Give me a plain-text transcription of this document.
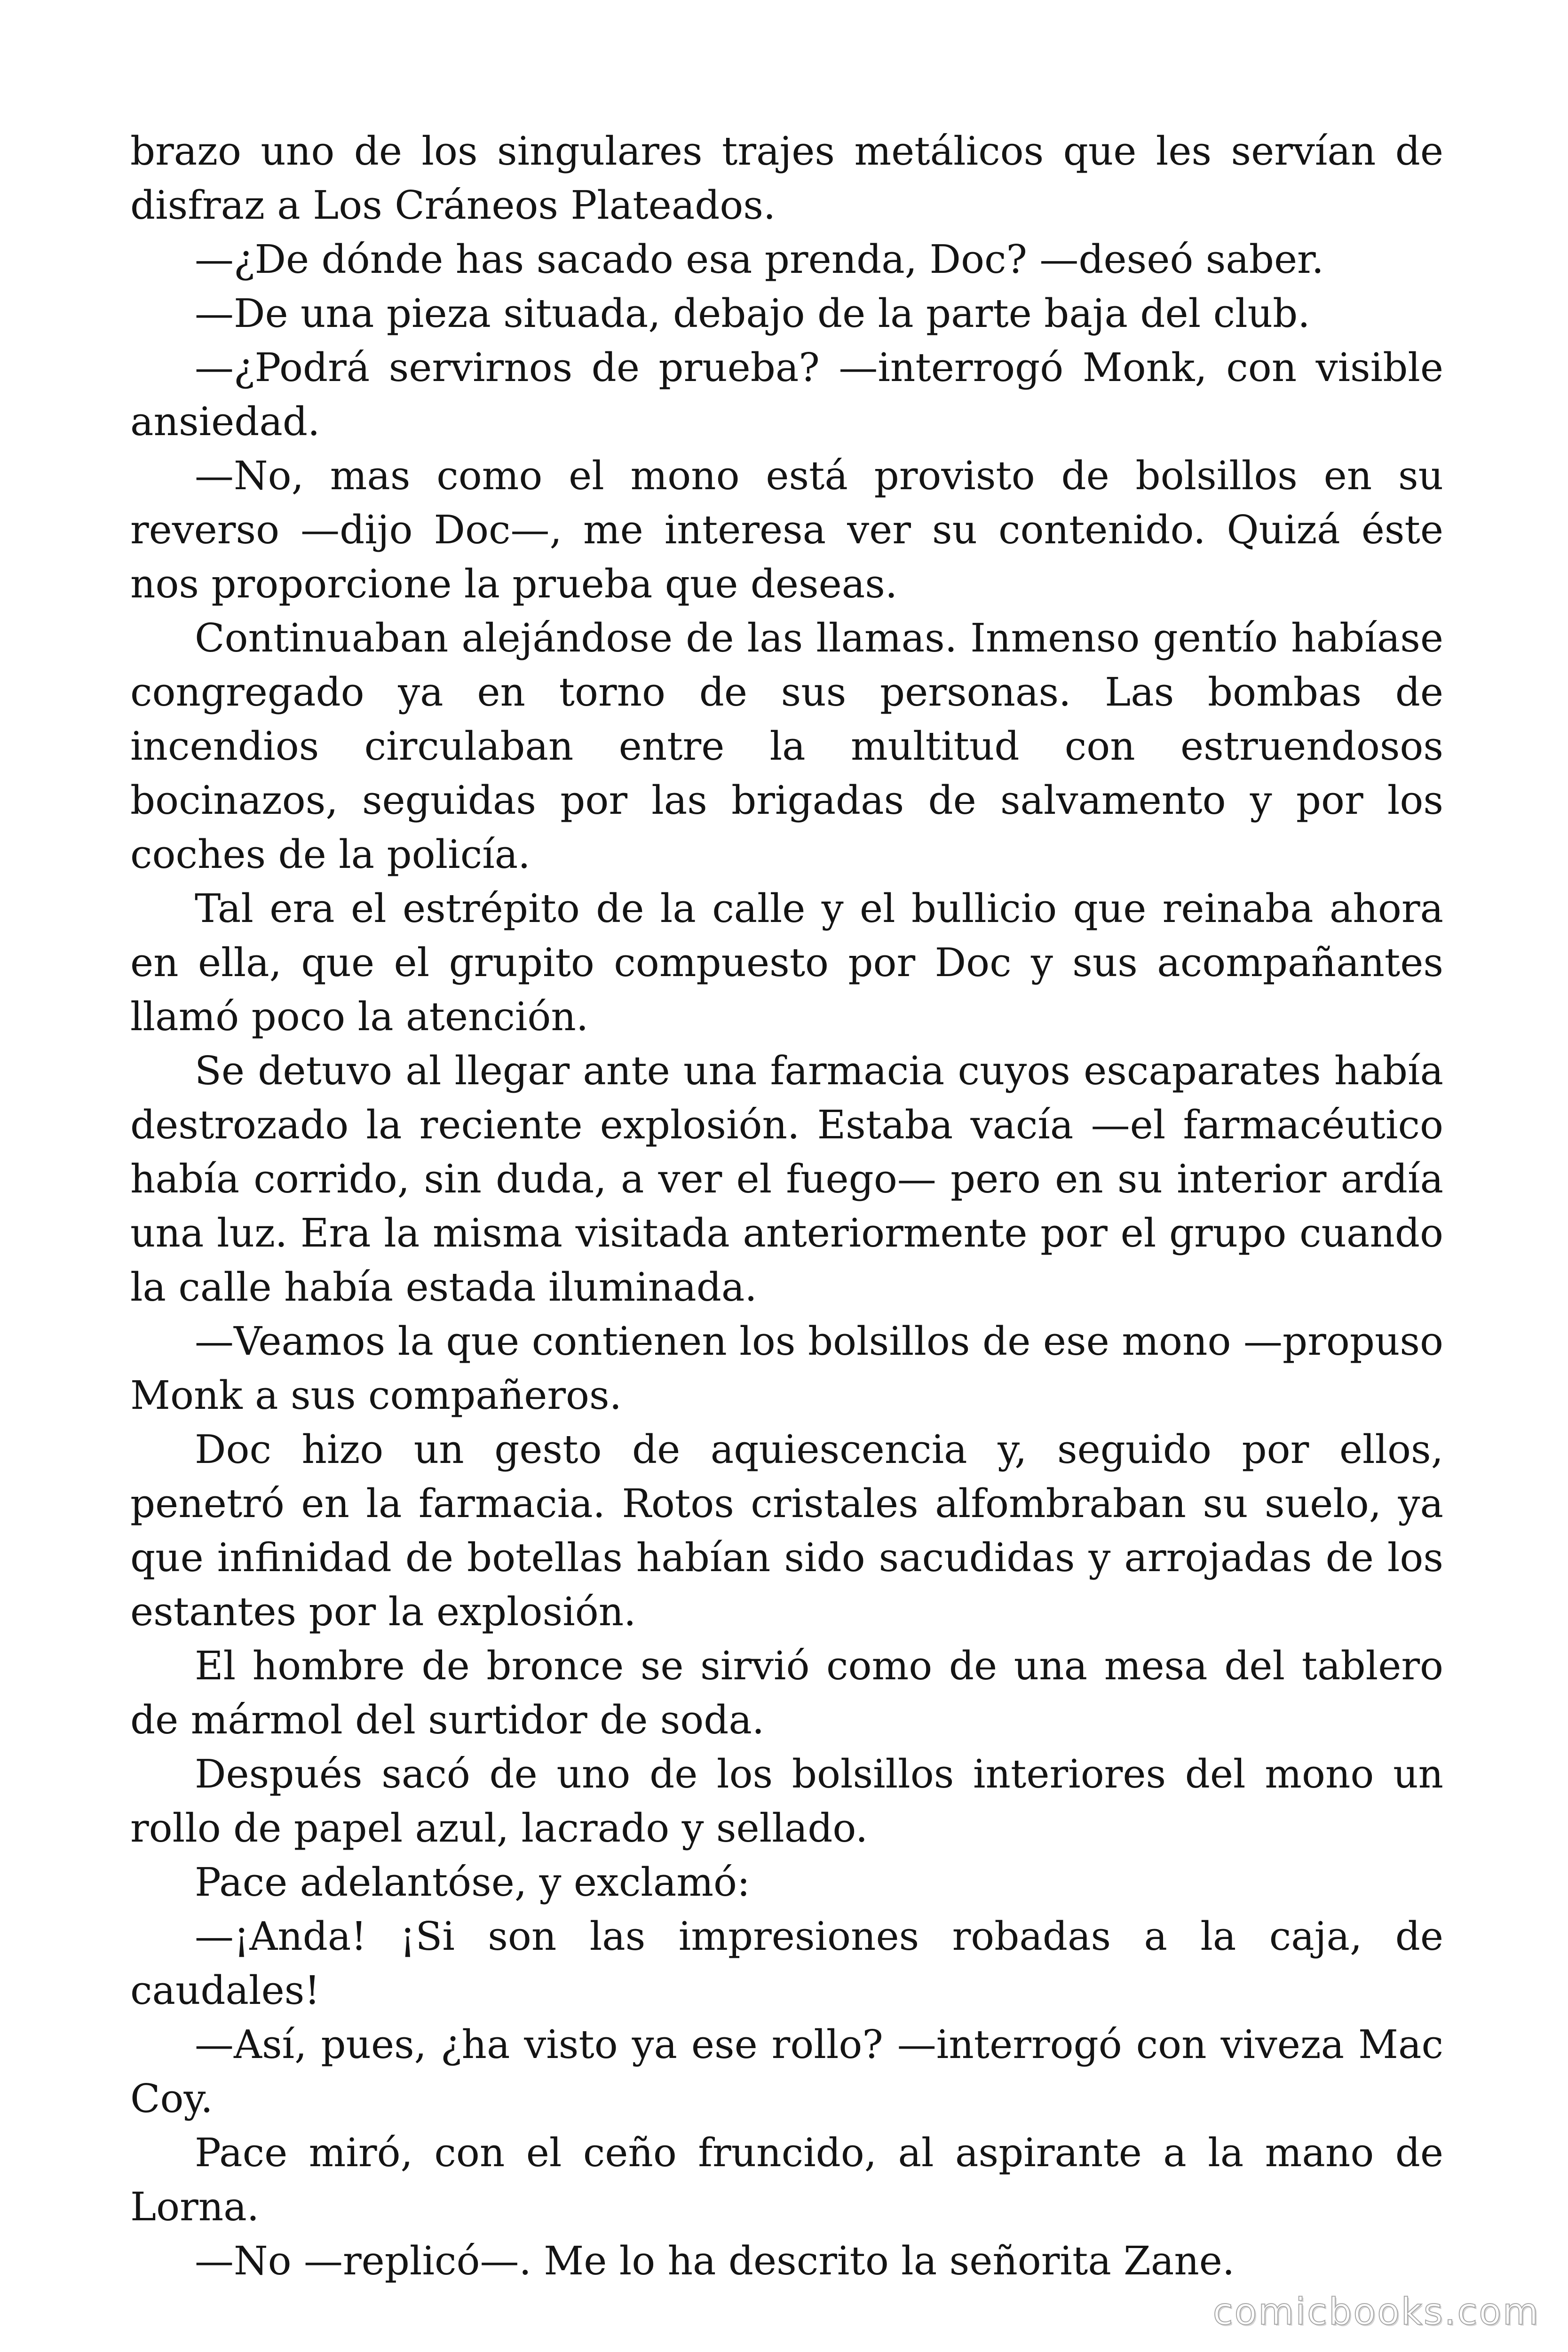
brazo uno de los singulares trajes metálicos que les servían de disfraz a Los Cráneos Plateados.

—¿De dónde has sacado esa prenda, Doc? —deseó saber.

—De una pieza situada, debajo de la parte baja del club.

—¿Podrá servirnos de prueba? —interrogó Monk, con visible ansiedad.

—No, mas como el mono está provisto de bolsillos en su reverso —dijo Doc—, me interesa ver su contenido. Quizá éste nos proporcione la prueba que deseas.

Continuaban alejándose de las llamas. Inmenso gentío habíase congregado ya en torno de sus personas. Las bombas de incendios circulaban entre la multitud con estruendosos bocinazos, seguidas por las brigadas de salvamento y por los coches de la policía.

Tal era el estrépito de la calle y el bullicio que reinaba ahora en ella, que el grupito compuesto por Doc y sus acompañantes llamó poco la atención.

Se detuvo al llegar ante una farmacia cuyos escaparates había destrozado la reciente explosión. Estaba vacía —el farmacéutico había corrido, sin duda, a ver el fuego— pero en su interior ardía una luz. Era la misma visitada anteriormente por el grupo cuando la calle había estada iluminada.

—Veamos la que contienen los bolsillos de ese mono —propuso Monk a sus compañeros.

Doc hizo un gesto de aquiescencia y, seguido por ellos, penetró en la farmacia. Rotos cristales alfombraban su suelo, ya que infinidad de botellas habían sido sacudidas y arrojadas de los estantes por la explosión.

El hombre de bronce se sirvió como de una mesa del tablero de mármol del surtidor de soda.

Después sacó de uno de los bolsillos interiores del mono un rollo de papel azul, lacrado y sellado.

Pace adelantóse, y exclamó:

—¡Anda! ¡Si son las impresiones robadas a la caja, de caudales!

—Así, pues, ¿ha visto ya ese rollo? —interrogó con viveza Mac Coy.

Pace miró, con el ceño fruncido, al aspirante a la mano de Lorna.

—No —replicó—. Me lo ha descrito la señorita Zane.

comicbooks.com
